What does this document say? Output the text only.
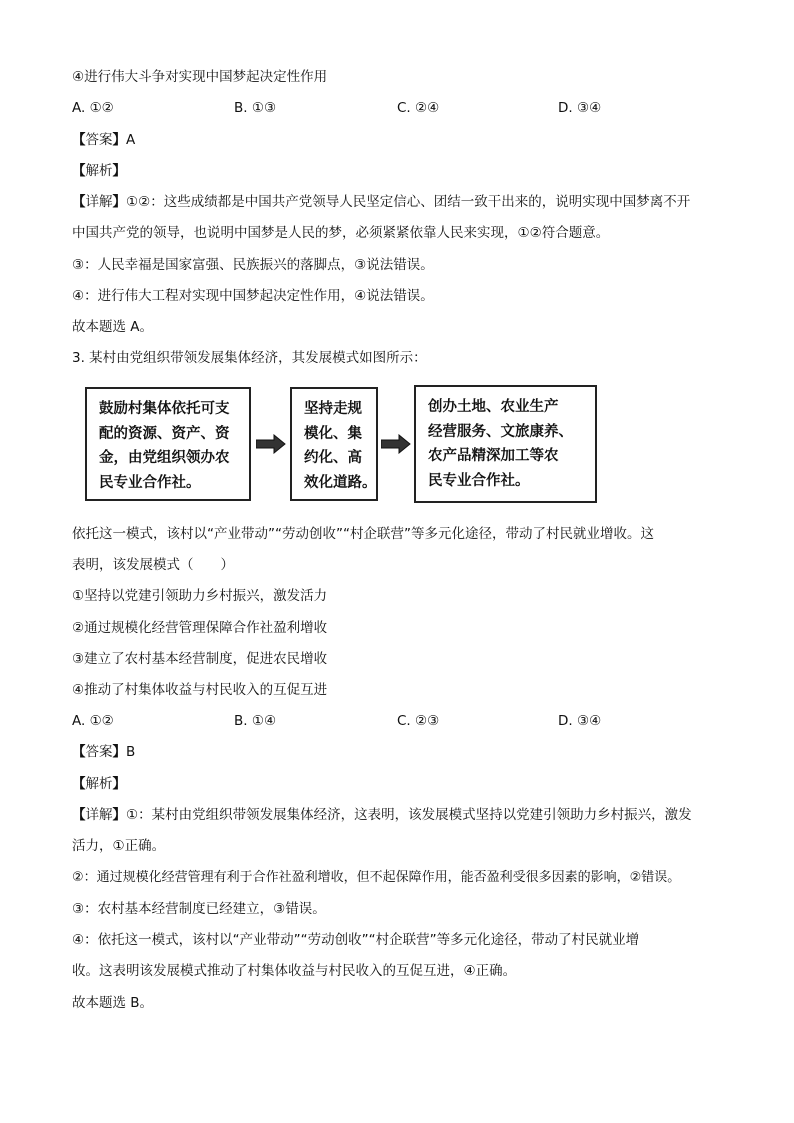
④进行伟大斗争对实现中国梦起决定性作用
A. ①②	B. ①③	C. ②④	D. ③④
【答案】A
【解析】
【详解】①②：这些成绩都是中国共产党领导人民坚定信心、团结一致干出来的，说明实现中国梦离不开
中国共产党的领导，也说明中国梦是人民的梦，必须紧紧依靠人民来实现，①②符合题意。
③：人民幸福是国家富强、民族振兴的落脚点，③说法错误。
④：进行伟大工程对实现中国梦起决定性作用，④说法错误。
故本题选 A。
3. 某村由党组织带领发展集体经济，其发展模式如图所示：
鼓励村集体依托可支
配的资源、资产、资
金，由党组织领办农
民专业合作社。
坚持走规
模化、集
约化、高
效化道路。
创办土地、农业生产
经营服务、文旅康养、
农产品精深加工等农
民专业合作社。
依托这一模式，该村以“产业带动”“劳动创收”“村企联营”等多元化途径，带动了村民就业增收。这
表明，该发展模式（　　）
①坚持以党建引领助力乡村振兴，激发活力
②通过规模化经营管理保障合作社盈利增收
③建立了农村基本经营制度，促进农民增收
④推动了村集体收益与村民收入的互促互进
A. ①②	B. ①④	C. ②③	D. ③④
【答案】B
【解析】
【详解】①：某村由党组织带领发展集体经济，这表明，该发展模式坚持以党建引领助力乡村振兴，激发
活力，①正确。
②：通过规模化经营管理有利于合作社盈利增收，但不起保障作用，能否盈利受很多因素的影响，②错误。
③：农村基本经营制度已经建立，③错误。
④：依托这一模式，该村以“产业带动”“劳动创收”“村企联营”等多元化途径，带动了村民就业增
收。这表明该发展模式推动了村集体收益与村民收入的互促互进，④正确。
故本题选 B。
